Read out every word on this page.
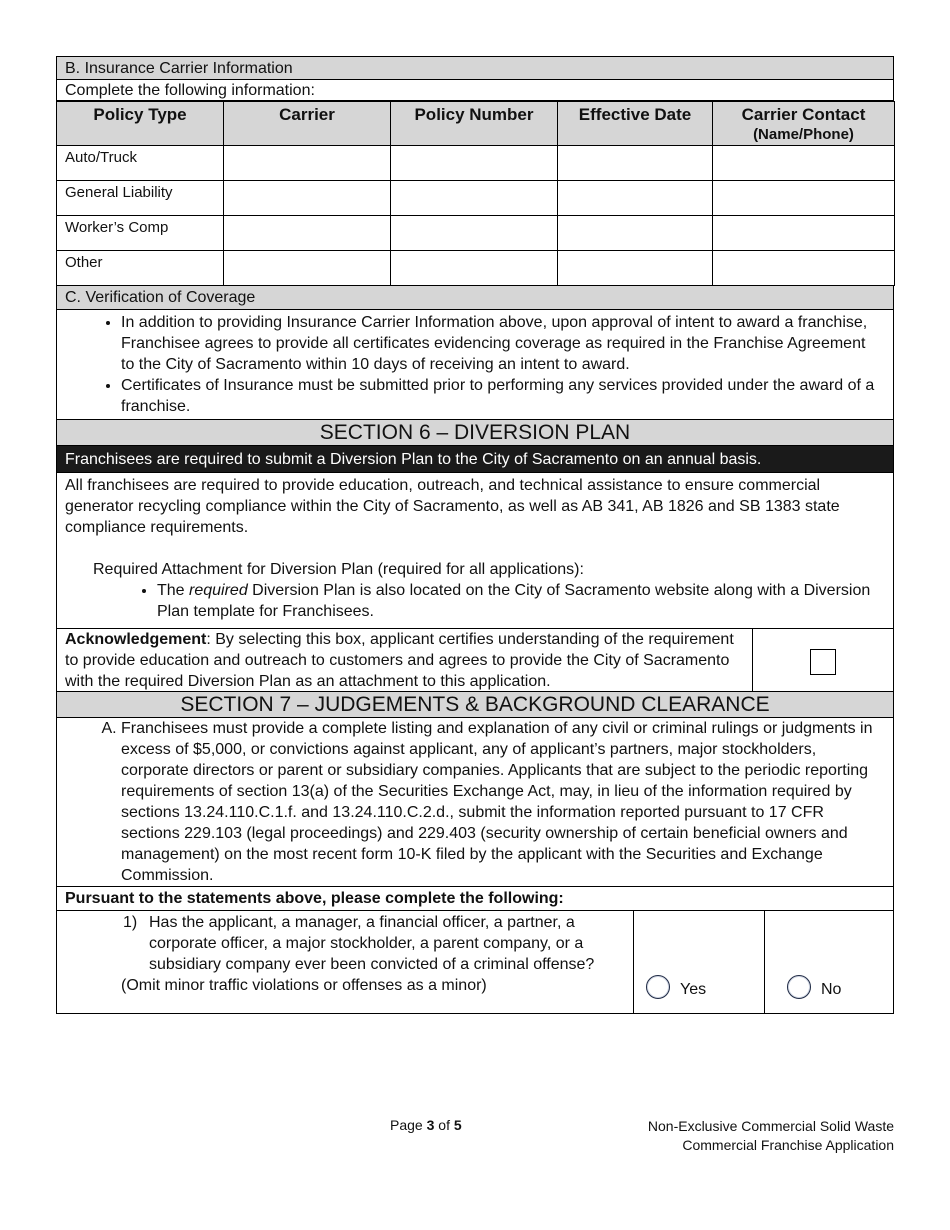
B. Insurance Carrier Information
Complete the following information:
Policy Type	Carrier	Policy Number	Effective Date	Carrier Contact
(Name/Phone)

Auto/Truck				
General Liability				
Worker’s Comp				
Other				
C. Verification of Coverage
• In addition to providing Insurance Carrier Information above, upon approval of intent to award a franchise, Franchisee agrees to provide all certificates evidencing coverage as required in the Franchise Agreement to the City of Sacramento within 10 days of receiving an intent to award.
• Certificates of Insurance must be submitted prior to performing any services provided under the award of a franchise.
SECTION 6 – DIVERSION PLAN
Franchisees are required to submit a Diversion Plan to the City of Sacramento on an annual basis.
All franchisees are required to provide education, outreach, and technical assistance to ensure commercial generator recycling compliance within the City of Sacramento, as well as AB 341, AB 1826 and SB 1383 state compliance requirements.
Required Attachment for Diversion Plan (required for all applications):
• The required Diversion Plan is also located on the City of Sacramento website along with a Diversion Plan template for Franchisees.
Acknowledgement: By selecting this box, applicant certifies understanding of the requirement to provide education and outreach to customers and agrees to provide the City of Sacramento with the required Diversion Plan as an attachment to this application.
SECTION 7 – JUDGEMENTS & BACKGROUND CLEARANCE
A. Franchisees must provide a complete listing and explanation of any civil or criminal rulings or judgments in excess of $5,000, or convictions against applicant, any of applicant’s partners, major stockholders, corporate directors or parent or subsidiary companies. Applicants that are subject to the periodic reporting requirements of section 13(a) of the Securities Exchange Act, may, in lieu of the information required by sections 13.24.110.C.1.f. and 13.24.110.C.2.d., submit the information reported pursuant to 17 CFR sections 229.103 (legal proceedings) and 229.403 (security ownership of certain beneficial owners and management) on the most recent form 10-K filed by the applicant with the Securities and Exchange Commission.
Pursuant to the statements above, please complete the following:
1) Has the applicant, a manager, a financial officer, a partner, a corporate officer, a major stockholder, a parent company, or a subsidiary company ever been convicted of a criminal offense?
(Omit minor traffic violations or offenses as a minor)	Yes	No
Page 3 of 5	Non-Exclusive Commercial Solid Waste
Commercial Franchise Application
